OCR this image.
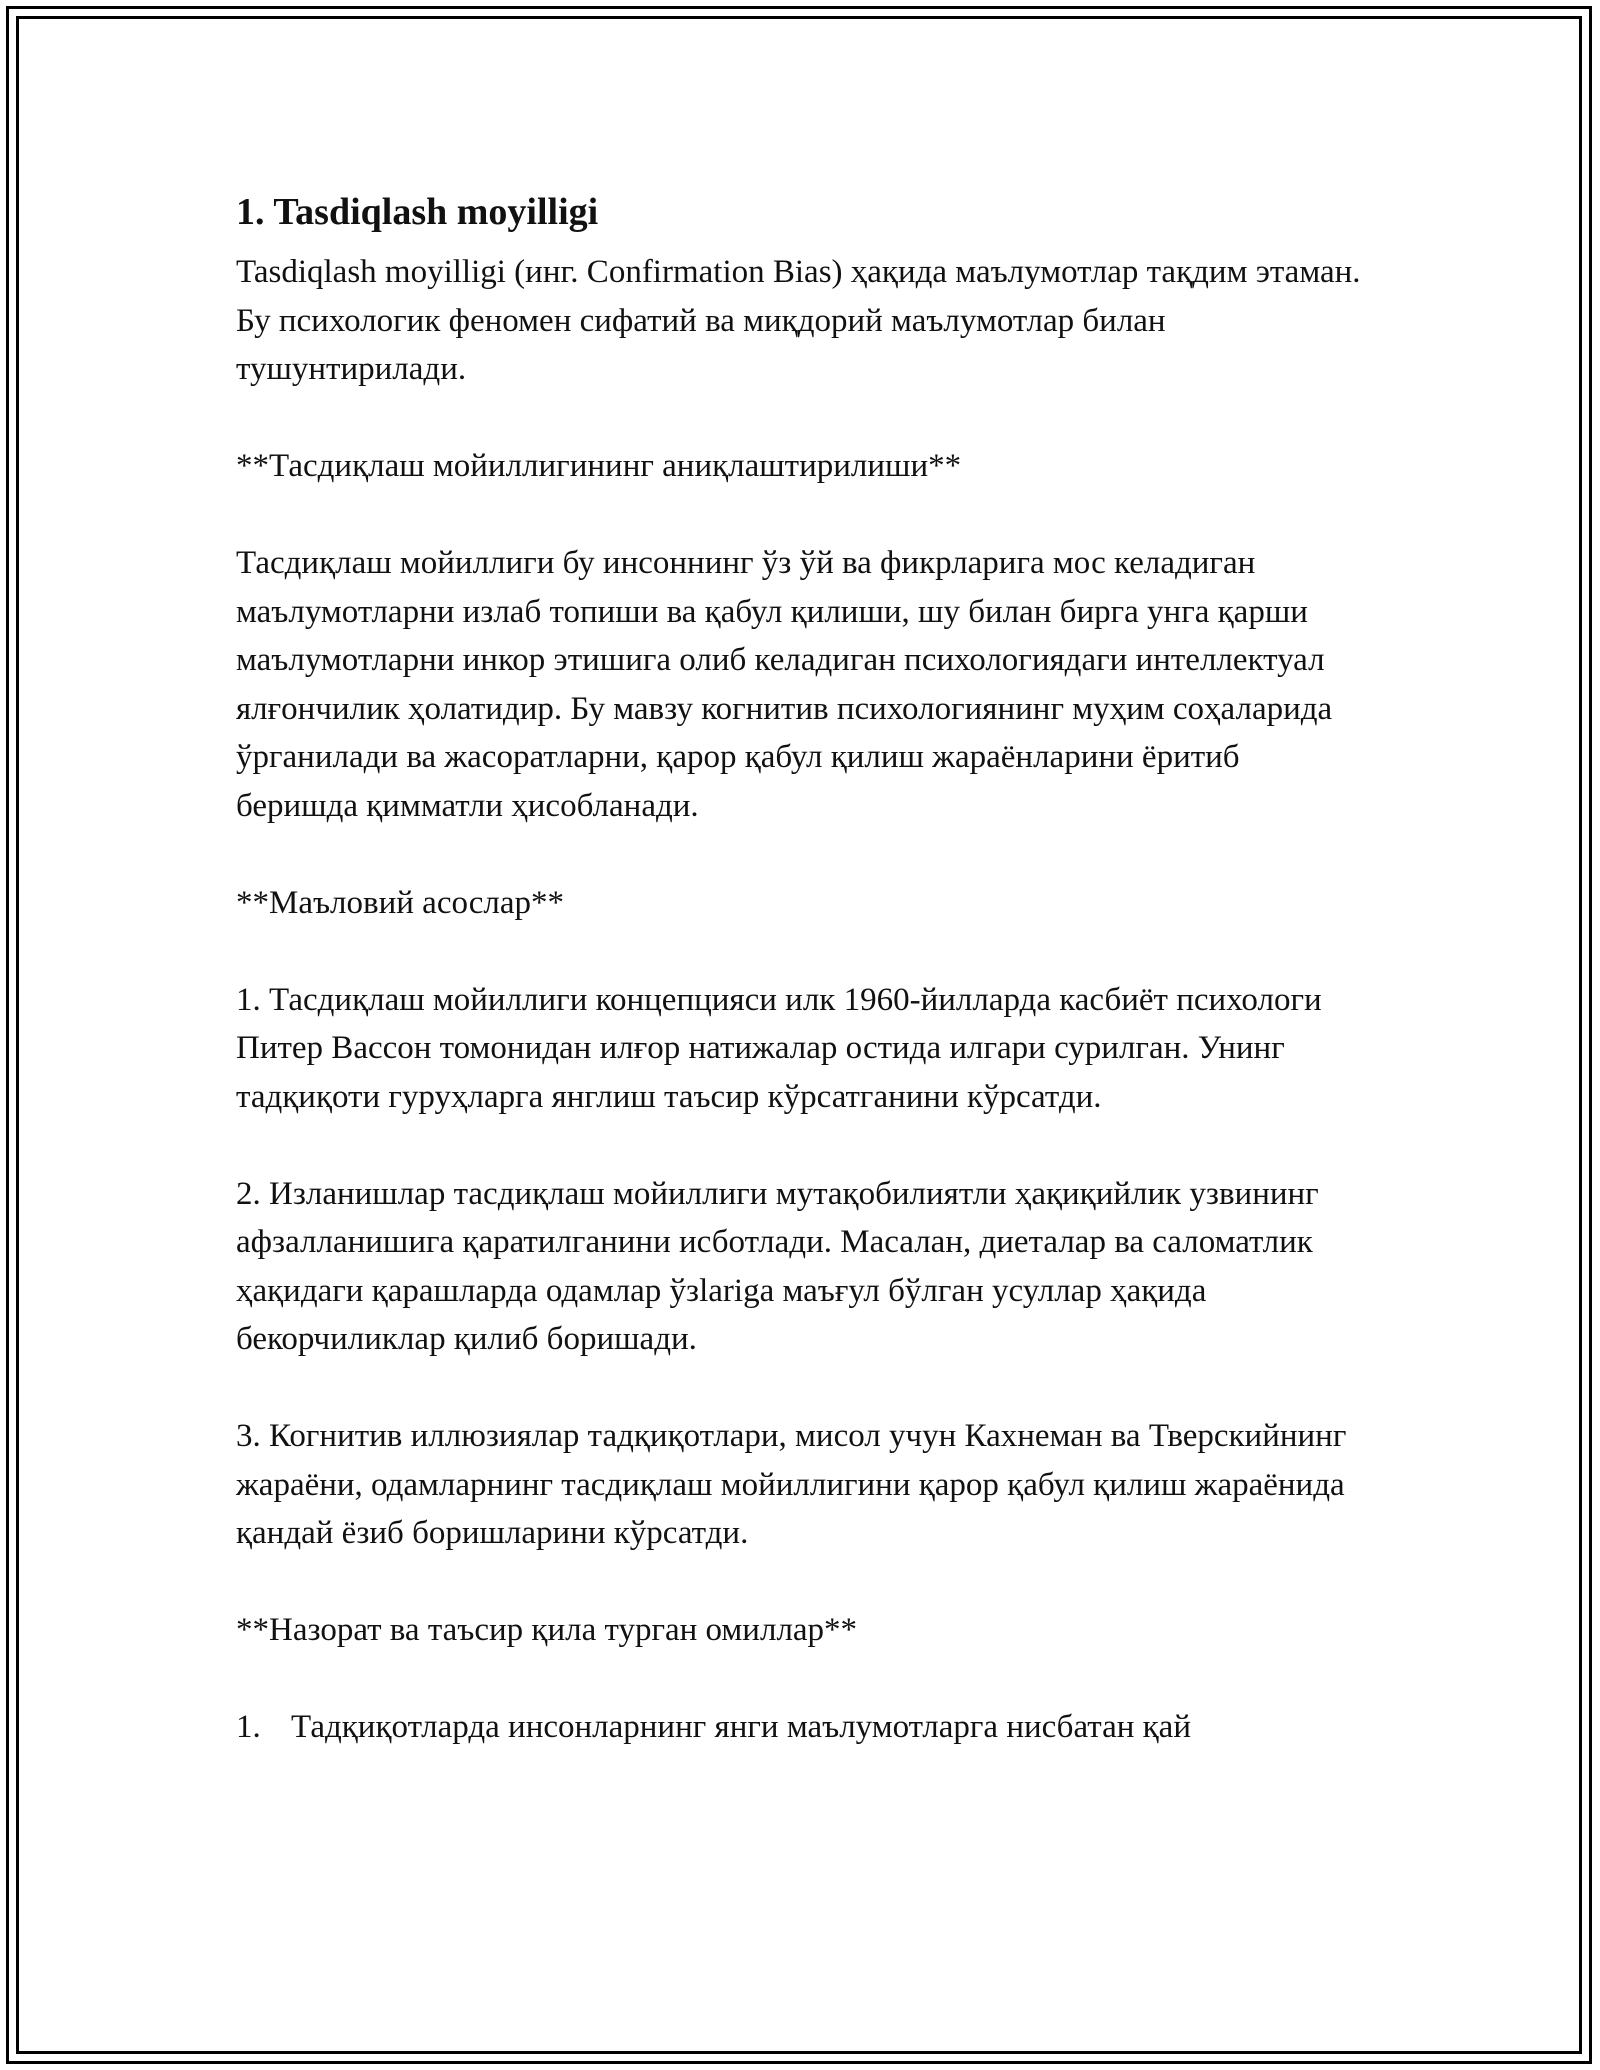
1. Tasdiqlash moyilligi

Tasdiqlash moyilligi (инг. Confirmation Bias) ҳақида маълумотлар тақдим этаман. Бу психологик феномен сифатий ва миқдорий маълумотлар билан тушунтирилади.

**Тасдиқлаш мойиллигининг аниқлаштирилиши**

Тасдиқлаш мойиллиги бу инсоннинг ўз ўй ва фикрларига мос келадиган маълумотларни излаб топиши ва қабул қилиши, шу билан бирга унга қарши маълумотларни инкор этишига олиб келадиган психологиядаги интеллектуал ялғончилик ҳолатидир. Бу мавзу когнитив психологиянинг муҳим соҳаларида ўрганилади ва жасоратларни, қарор қабул қилиш жараёнларини ёритиб беришда қимматли ҳисобланади.

**Маъловий асослар**

1. Тасдиқлаш мойиллиги концепцияси илк 1960-йилларда касбиёт психологи Питер Вассон томонидан илғор натижалар остида илгари сурилган. Унинг тадқиқоти гуруҳларга янглиш таъсир кўрсатганини кўрсатди.

2. Изланишлар тасдиқлаш мойиллиги мутақобилиятли ҳақиқийлик узвининг афзалланишига қаратилганини исботлади. Масалан, диеталар ва саломатлик ҳақидаги қарашларда одамлар ўзlariga маъғул бўлган усуллар ҳақида бекорчиликлар қилиб боришади.

3. Когнитив иллюзиялар тадқиқотлари, мисол учун Кахнеман ва Тверскийнинг жараёни, одамларнинг тасдиқлаш мойиллигини қарор қабул қилиш жараёнида қандай ёзиб боришларини кўрсатди.

**Назорат ва таъсир қила турган омиллар**

1. Тадқиқотларда инсонларнинг янги маълумотларга нисбатан қай
